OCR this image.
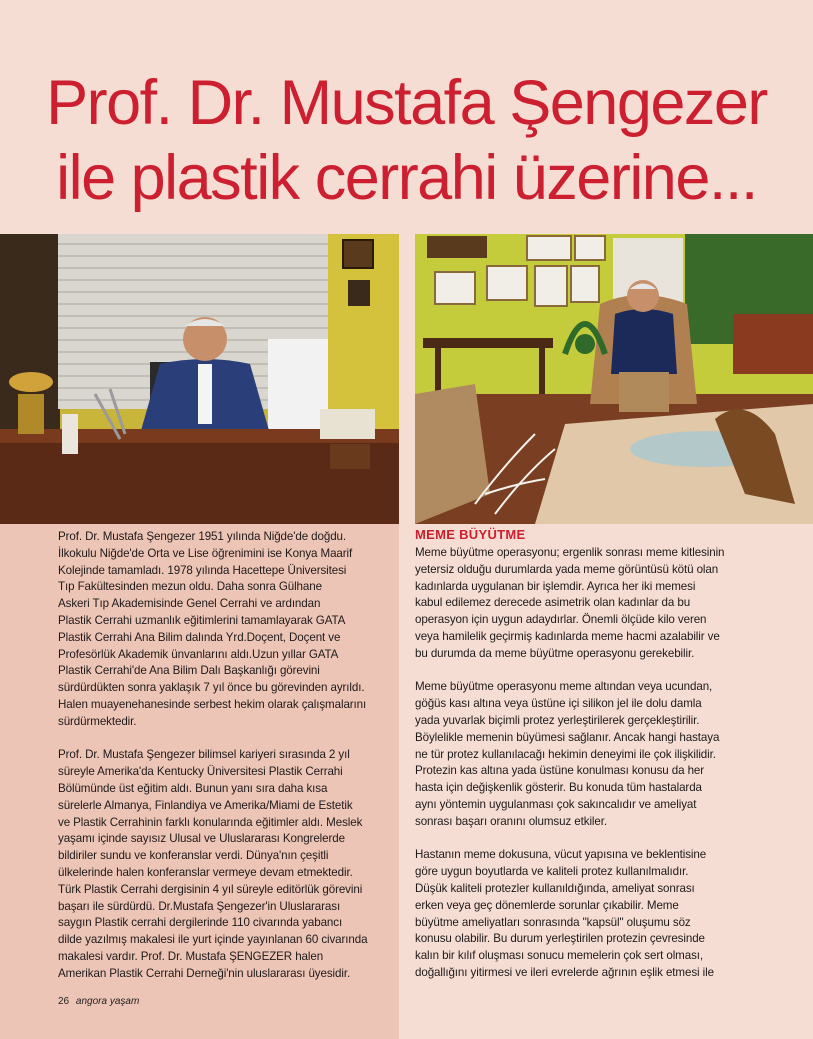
Prof. Dr. Mustafa Şengezer
ile plastik cerrahi üzerine...

Prof. Dr. Mustafa Şengezer 1951 yılında Niğde'de doğdu.
İlkokulu Niğde'de Orta ve Lise öğrenimini ise Konya Maarif
Kolejinde tamamladı. 1978 yılında Hacettepe Üniversitesi
Tıp Fakültesinden mezun oldu. Daha sonra Gülhane
Askeri Tıp Akademisinde Genel Cerrahi ve ardından
Plastik Cerrahi uzmanlık eğitimlerini tamamlayarak GATA
Plastik Cerrahi Ana Bilim dalında Yrd.Doçent, Doçent ve
Profesörlük Akademik ünvanlarını aldı.Uzun yıllar GATA
Plastik Cerrahi'de Ana Bilim Dalı Başkanlığı görevini
sürdürdükten sonra yaklaşık 7 yıl önce bu görevinden ayrıldı.
Halen muayenehanesinde serbest hekim olarak çalışmalarını
sürdürmektedir.

Prof. Dr. Mustafa Şengezer bilimsel kariyeri sırasında 2 yıl
süreyle Amerika'da Kentucky Üniversitesi Plastik Cerrahi
Bölümünde üst eğitim aldı. Bunun yanı sıra daha kısa
sürelerle Almanya, Finlandiya ve Amerika/Miami de Estetik
ve Plastik Cerrahinin farklı konularında eğitimler aldı. Meslek
yaşamı içinde sayısız Ulusal ve Uluslararası Kongrelerde
bildiriler sundu ve konferanslar verdi. Dünya'nın çeşitli
ülkelerinde halen konferanslar vermeye devam etmektedir.
Türk Plastik Cerrahi dergisinin 4 yıl süreyle editörlük görevini
başarı ile sürdürdü. Dr.Mustafa Şengezer'in Uluslararası
saygın Plastik cerrahi dergilerinde 110 civarında yabancı
dilde yazılmış makalesi ile yurt içinde yayınlanan 60 civarında
makalesi vardır. Prof. Dr. Mustafa ŞENGEZER halen
Amerikan Plastik Cerrahi Derneği'nin uluslararası üyesidir.

MEME BÜYÜTME

Meme büyütme operasyonu; ergenlik sonrası meme kitlesinin
yetersiz olduğu durumlarda yada meme görüntüsü kötü olan
kadınlarda uygulanan bir işlemdir. Ayrıca her iki memesi
kabul edilemez derecede asimetrik olan kadınlar da bu
operasyon için uygun adaydırlar. Önemli ölçüde kilo veren
veya hamilelik geçirmiş kadınlarda meme hacmi azalabilir ve
bu durumda da meme büyütme operasyonu gerekebilir.

Meme büyütme operasyonu meme altından veya ucundan,
göğüs kası altına veya üstüne içi silikon jel ile dolu damla
yada yuvarlak biçimli protez yerleştirilerek gerçekleştirilir.
Böylelikle memenin büyümesi sağlanır. Ancak hangi hastaya
ne tür protez kullanılacağı hekimin deneyimi ile çok ilişkilidir.
Protezin kas altına yada üstüne konulması konusu da her
hasta için değişkenlik gösterir. Bu konuda tüm hastalarda
aynı yöntemin uygulanması çok sakıncalıdır ve ameliyat
sonrası başarı oranını olumsuz etkiler.

Hastanın meme dokusuna, vücut yapısına ve beklentisine
göre uygun boyutlarda ve kaliteli protez kullanılmalıdır.
Düşük kaliteli protezler kullanıldığında, ameliyat sonrası
erken veya geç dönemlerde sorunlar çıkabilir. Meme
büyütme ameliyatları sonrasında "kapsül" oluşumu söz
konusu olabilir. Bu durum yerleştirilen protezin çevresinde
kalın bir kılıf oluşması sonucu memelerin çok sert olması,
doğallığını yitirmesi ve ileri evrelerde ağrının eşlik etmesi ile

26 angora yaşam
